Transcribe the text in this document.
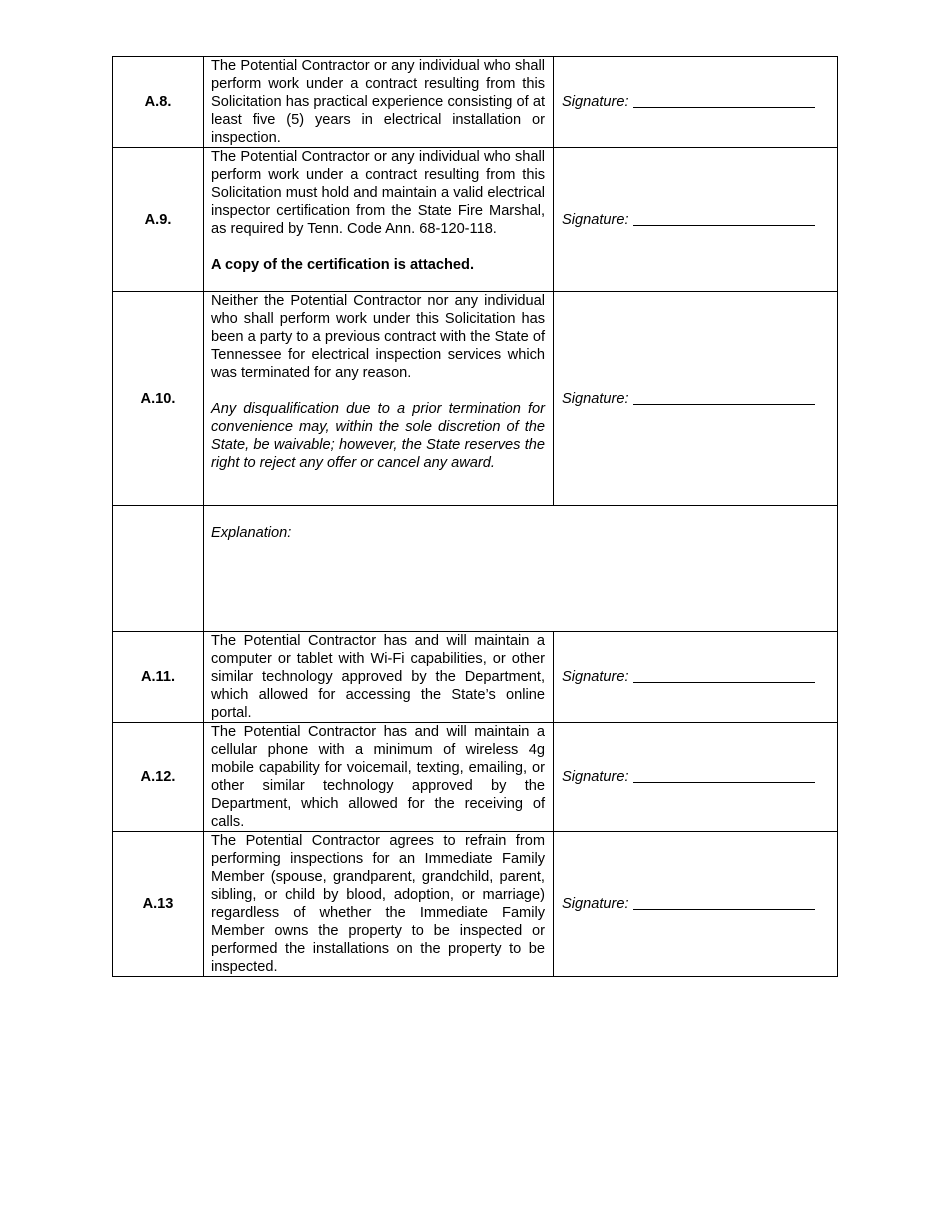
A.8.	The Potential Contractor or any individual who shall perform work under a contract resulting from this Solicitation has practical experience consisting of at least five (5) years in electrical installation or inspection.	Signature:
A.9.	The Potential Contractor or any individual who shall perform work under a contract resulting from this Solicitation must hold and maintain a valid electrical inspector certification from the State Fire Marshal, as required by Tenn. Code Ann. 68-120-118.

A copy of the certification is attached.	Signature:
A.10.	Neither the Potential Contractor nor any individual who shall perform work under this Solicitation has been a party to a previous contract with the State of Tennessee for electrical inspection services which was terminated for any reason.

Any disqualification due to a prior termination for convenience may, within the sole discretion of the State, be waivable; however, the State reserves the right to reject any offer or cancel any award.	Signature:
	Explanation:	
A.11.	The Potential Contractor has and will maintain a computer or tablet with Wi-Fi capabilities, or other similar technology approved by the Department, which allowed for accessing the State’s online portal.	Signature:
A.12.	The Potential Contractor has and will maintain a cellular phone with a minimum of wireless 4g mobile capability for voicemail, texting, emailing, or other similar technology approved by the Department, which allowed for the receiving of calls.	Signature:
A.13	The Potential Contractor agrees to refrain from performing inspections for an Immediate Family Member (spouse, grandparent, grandchild, parent, sibling, or child by blood, adoption, or marriage) regardless of whether the Immediate Family Member owns the property to be inspected or performed the installations on the property to be inspected.	Signature:
